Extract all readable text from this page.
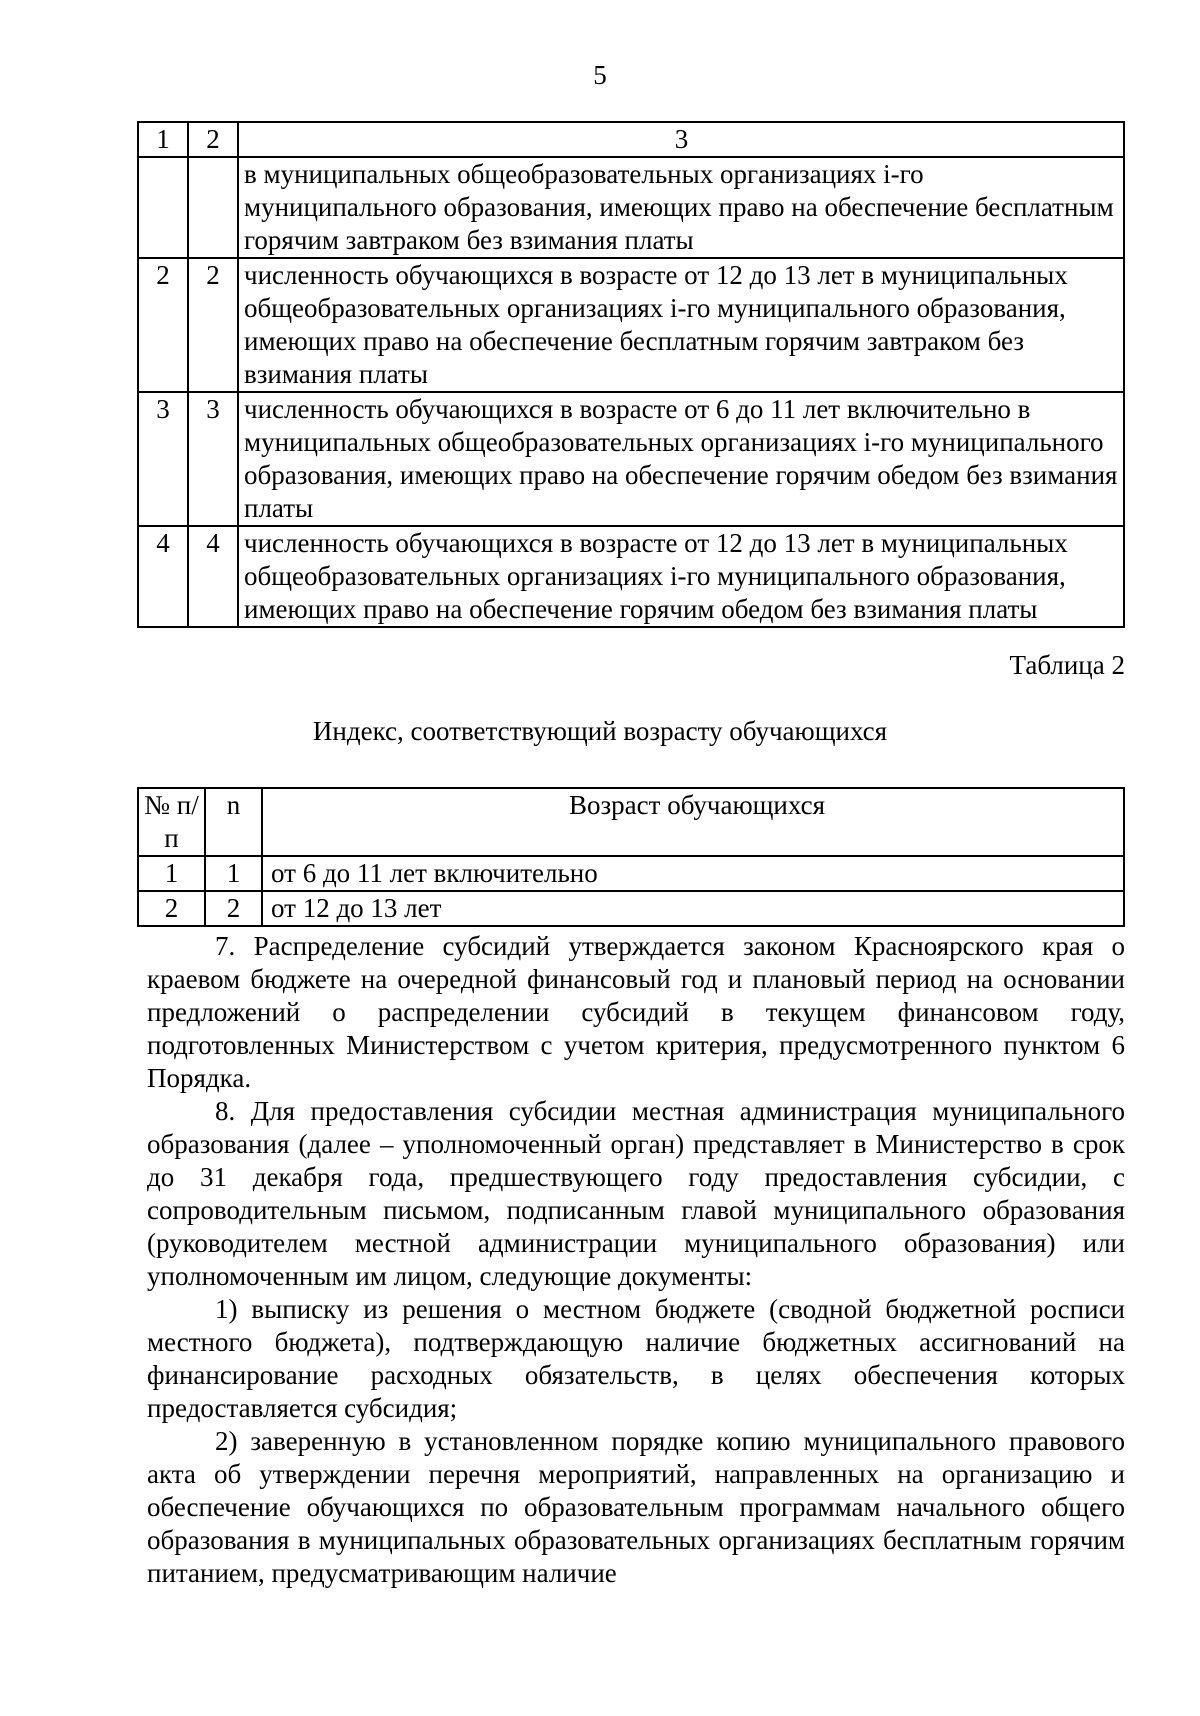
5
1	2	3
		в муниципальных общеобразовательных организациях i-го муниципального образования, имеющих право на обеспечение бесплатным горячим завтраком без взимания платы
2	2	численность обучающихся в возрасте от 12 до 13 лет в муниципальных общеобразовательных организациях i-го муниципального образования, имеющих право на обеспечение бесплатным горячим завтраком без взимания платы
3	3	численность обучающихся в возрасте от 6 до 11 лет включительно в муниципальных общеобразовательных организациях i-го муниципального образования, имеющих право на обеспечение горячим обедом без взимания платы
4	4	численность обучающихся в возрасте от 12 до 13 лет в муниципальных общеобразовательных организациях i-го муниципального образования, имеющих право на обеспечение горячим обедом без взимания платы
Таблица 2
Индекс, соответствующий возрасту обучающихся
№ п/п	n	Возраст обучающихся
1	1	от 6 до 11 лет включительно
2	2	от 12 до 13 лет

7. Распределение субсидий утверждается законом Красноярского края о краевом бюджете на очередной финансовый год и плановый период на основании предложений о распределении субсидий в текущем финансовом году, подготовленных Министерством с учетом критерия, предусмотренного пунктом 6 Порядка.

8. Для предоставления субсидии местная администрация муниципального образования (далее – уполномоченный орган) представляет в Министерство в срок до 31 декабря года, предшествующего году предоставления субсидии, с сопроводительным письмом, подписанным главой муниципального образования (руководителем местной администрации муниципального образования) или уполномоченным им лицом, следующие документы:

1) выписку из решения о местном бюджете (сводной бюджетной росписи местного бюджета), подтверждающую наличие бюджетных ассигнований на финансирование расходных обязательств, в целях обеспечения которых предоставляется субсидия;

2) заверенную в установленном порядке копию муниципального правового акта об утверждении перечня мероприятий, направленных на организацию и обеспечение обучающихся по образовательным программам начального общего образования в муниципальных образовательных организациях бесплатным горячим питанием, предусматривающим наличие
